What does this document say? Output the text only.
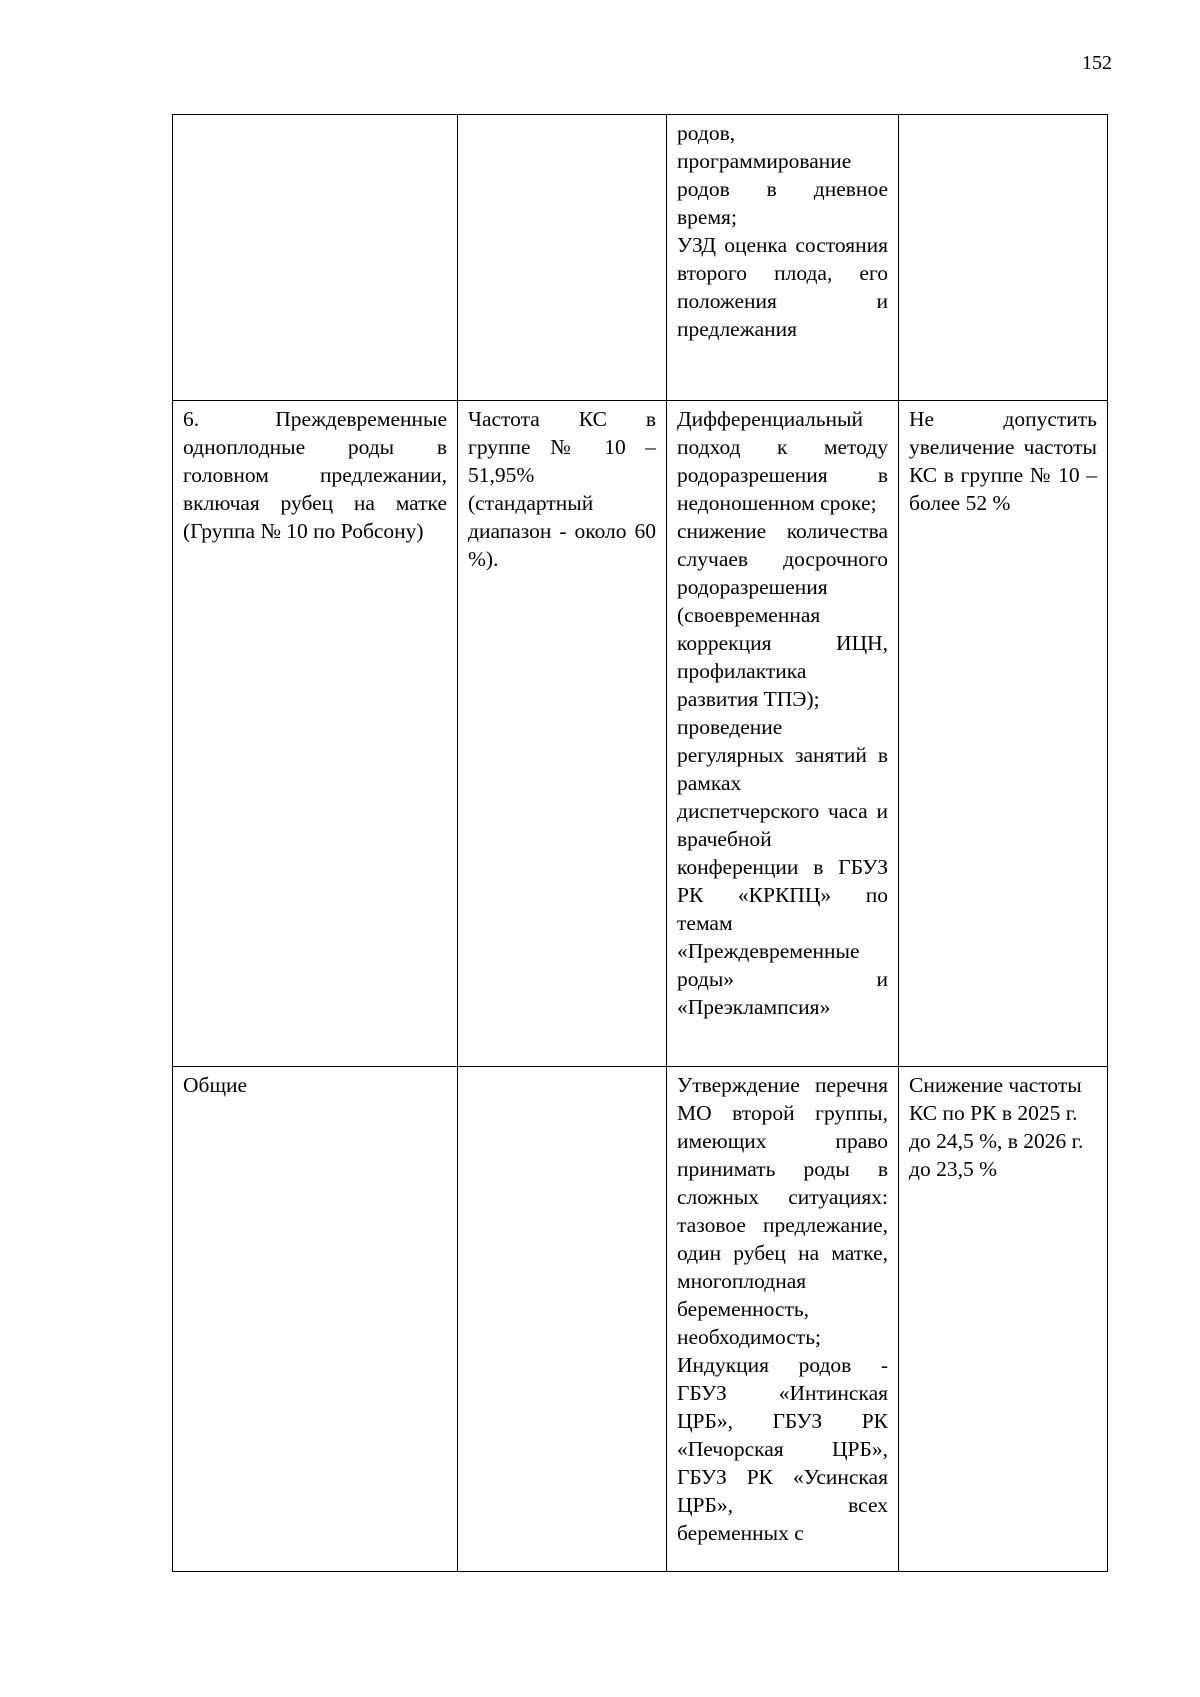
152

		родов, программирование родов в дневное время;
УЗД оценка состояния второго плода, его положения и предлежания	

6. Преждевременные одноплодные роды в головном предлежании, включая рубец на матке (Группа № 10 по Робсону)	Частота КС в группе № 10 – 51,95% (стандартный диапазон - около 60 %).	Дифференциальный подход к методу родоразрешения в недоношенном сроке;
снижение количества случаев досрочного родоразрешения (своевременная коррекция ИЦН, профилактика развития ТПЭ);
проведение регулярных занятий в рамках диспетчерского часа и врачебной конференции в ГБУЗ РК «КРКПЦ» по темам «Преждевременные роды» и «Преэклампсия»	Не допустить увеличение частоты КС в группе № 10 – более 52 %

Общие		Утверждение перечня МО второй группы, имеющих право принимать роды в сложных ситуациях: тазовое предлежание, один рубец на матке, многоплодная беременность, необходимость;
Индукция родов - ГБУЗ «Интинская ЦРБ», ГБУЗ РК «Печорская ЦРБ», ГБУЗ РК «Усинская ЦРБ», всех беременных с	Снижение частоты КС по РК в 2025 г. до 24,5 %, в 2026 г. до 23,5 %
